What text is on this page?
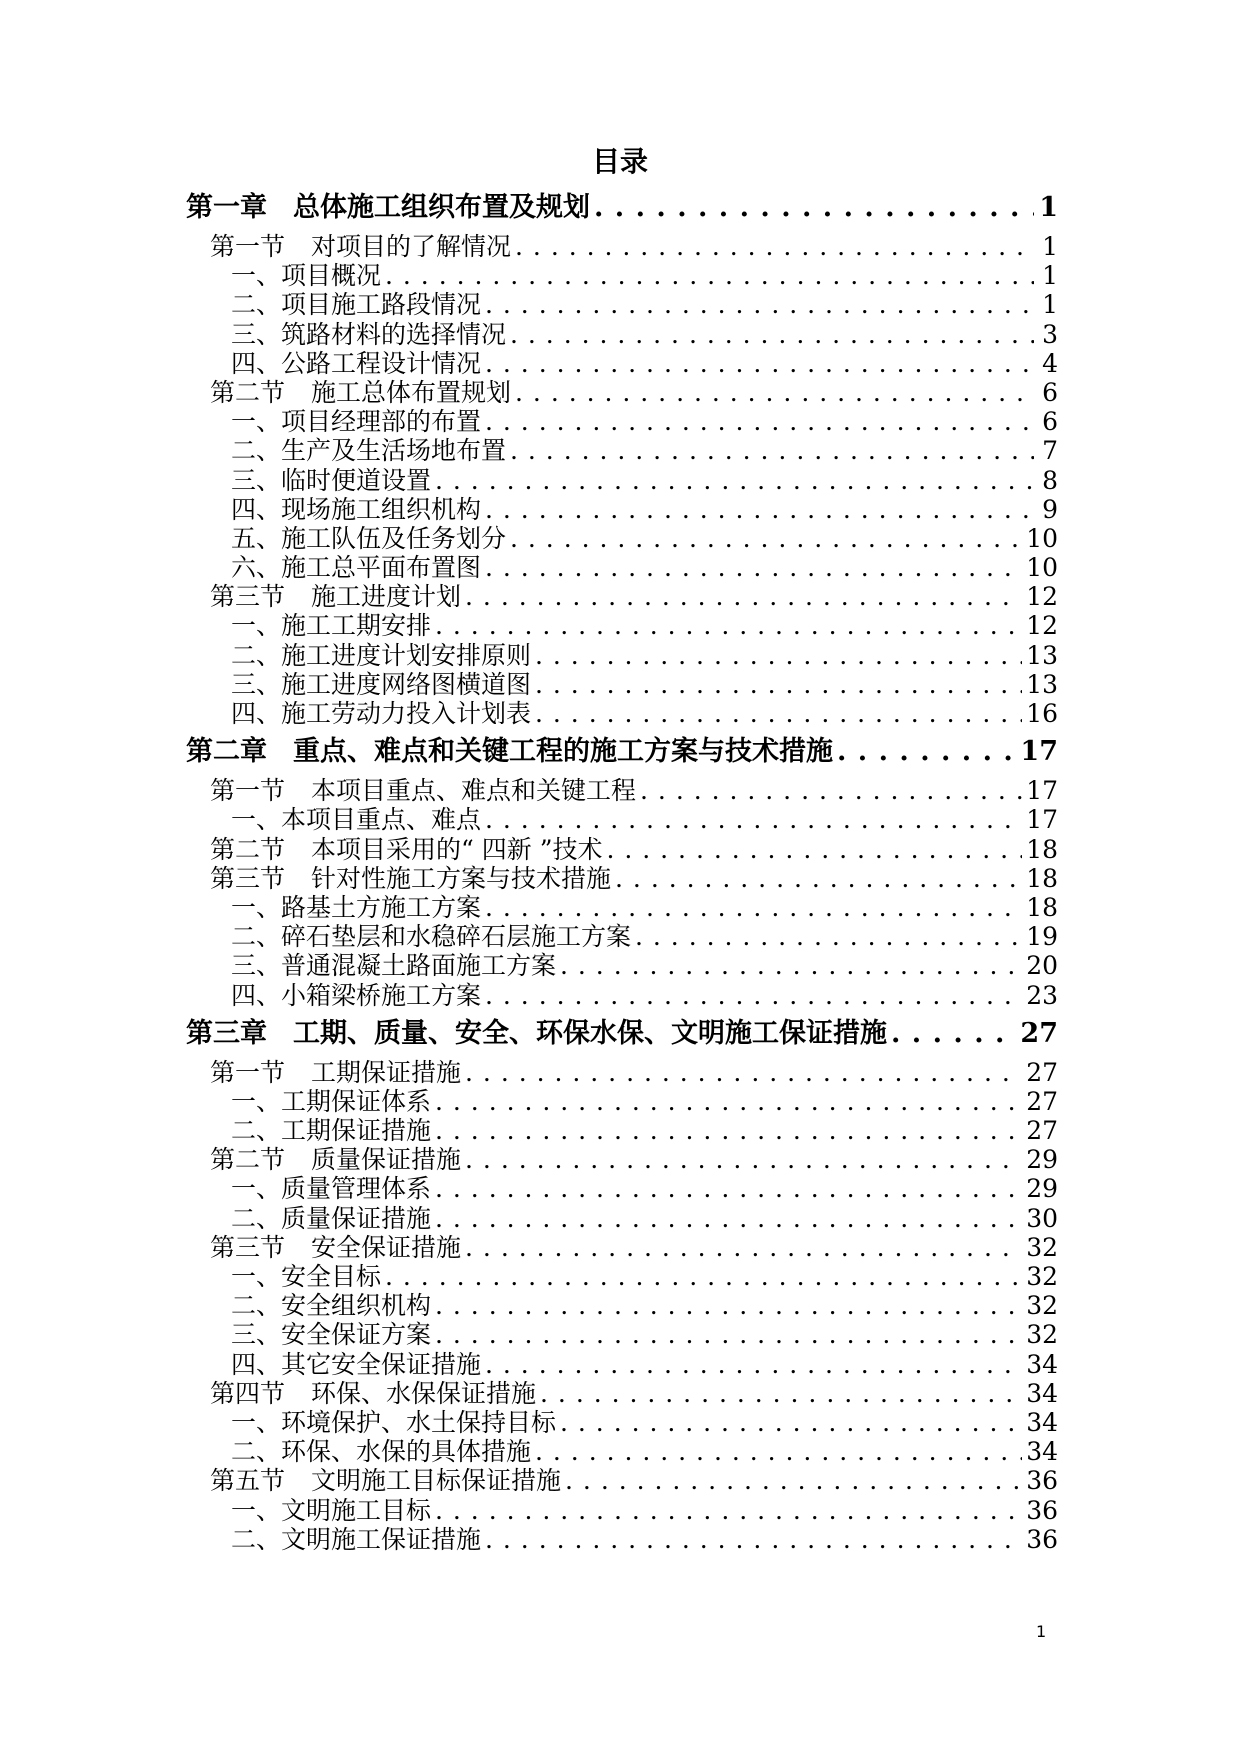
目录
第一章 总体施工组织布置及规划 . . .	1
第一节 对项目的了解情况 . . .	1
一、项目概况 . . .	1
二、项目施工路段情况 . . .	1
三、筑路材料的选择情况 . . .	3
四、公路工程设计情况 . . .	4
第二节 施工总体布置规划 . . .	6
一、项目经理部的布置 . . .	6
二、生产及生活场地布置 . . .	7
三、临时便道设置 . . .	8
四、现场施工组织机构 . . .	9
五、施工队伍及任务划分 . . .	10
六、施工总平面布置图 . . .	10
第三节 施工进度计划 . . .	12
一、施工工期安排 . . .	12
二、施工进度计划安排原则 . . .	13
三、施工进度网络图横道图 . . .	13
四、施工劳动力投入计划表 . . .	16
第二章 重点、难点和关键工程的施工方案与技术措施 . . .	17
第一节 本项目重点、难点和关键工程 . . .	17
一、本项目重点、难点 . . .	17
第二节 本项目采用的“ 四新 ”技术 . . .	18
第三节 针对性施工方案与技术措施 . . .	18
一、路基土方施工方案 . . .	18
二、碎石垫层和水稳碎石层施工方案 . . .	19
三、普通混凝土路面施工方案 . . .	20
四、小箱梁桥施工方案 . . .	23
第三章 工期、质量、安全、环保水保、文明施工保证措施 . . .	27
第一节 工期保证措施 . . .	27
一、工期保证体系 . . .	27
二、工期保证措施 . . .	27
第二节 质量保证措施 . . .	29
一、质量管理体系 . . .	29
二、质量保证措施 . . .	30
第三节 安全保证措施 . . .	32
一、安全目标 . . .	32
二、安全组织机构 . . .	32
三、安全保证方案 . . .	32
四、其它安全保证措施 . . .	34
第四节 环保、水保保证措施 . . .	34
一、环境保护、水土保持目标 . . .	34
二、环保、水保的具体措施 . . .	34
第五节 文明施工目标保证措施 . . .	36
一、文明施工目标 . . .	36
二、文明施工保证措施 . . .	36
1
